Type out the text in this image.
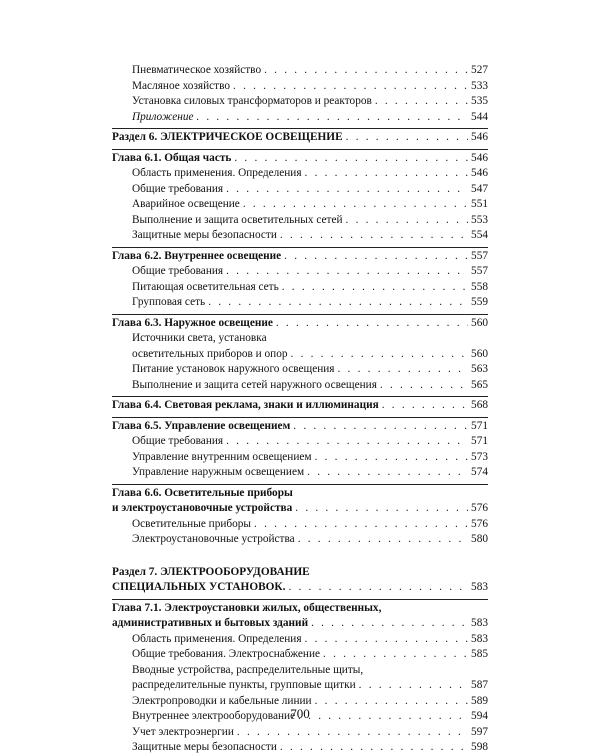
Пневматическое хозяйство . . .	527
Масляное хозяйство . . .	533
Установка силовых трансформаторов и реакторов . . .	535
Приложение . . .	544
Раздел 6. ЭЛЕКТРИЧЕСКОЕ ОСВЕЩЕНИЕ . . .	546
Глава 6.1. Общая часть . . .	546
Область применения. Определения . . .	546
Общие требования . . .	547
Аварийное освещение . . .	551
Выполнение и защита осветительных сетей . . .	553
Защитные меры безопасности . . .	554
Глава 6.2. Внутреннее освещение . . .	557
Общие требования . . .	557
Питающая осветительная сеть . . .	558
Групповая сеть . . .	559
Глава 6.3. Наружное освещение . . .	560
Источники света, установка
осветительных приборов и опор . . .	560
Питание установок наружного освещения . . .	563
Выполнение и защита сетей наружного освещения . . .	565
Глава 6.4. Световая реклама, знаки и иллюминация . . .	568
Глава 6.5. Управление освещением . . .	571
Общие требования . . .	571
Управление внутренним освещением . . .	573
Управление наружным освещением . . .	574
Глава 6.6. Осветительные приборы
и электроустановочные устройства . . .	576
Осветительные приборы . . .	576
Электроустановочные устройства . . .	580
Раздел 7. ЭЛЕКТРООБОРУДОВАНИЕ
СПЕЦИАЛЬНЫХ УСТАНОВОК. . . .	583
Глава 7.1. Электроустановки жилых, общественных,
административных и бытовых зданий . . .	583
Область применения. Определения . . .	583
Общие требования. Электроснабжение . . .	585
Вводные устройства, распределительные щиты,
распределительные пункты, групповые щитки . . .	587
Электропроводки и кабельные линии . . .	589
Внутреннее электрооборудование . . .	594
Учет электроэнергии . . .	597
Защитные меры безопасности . . .	598
700
